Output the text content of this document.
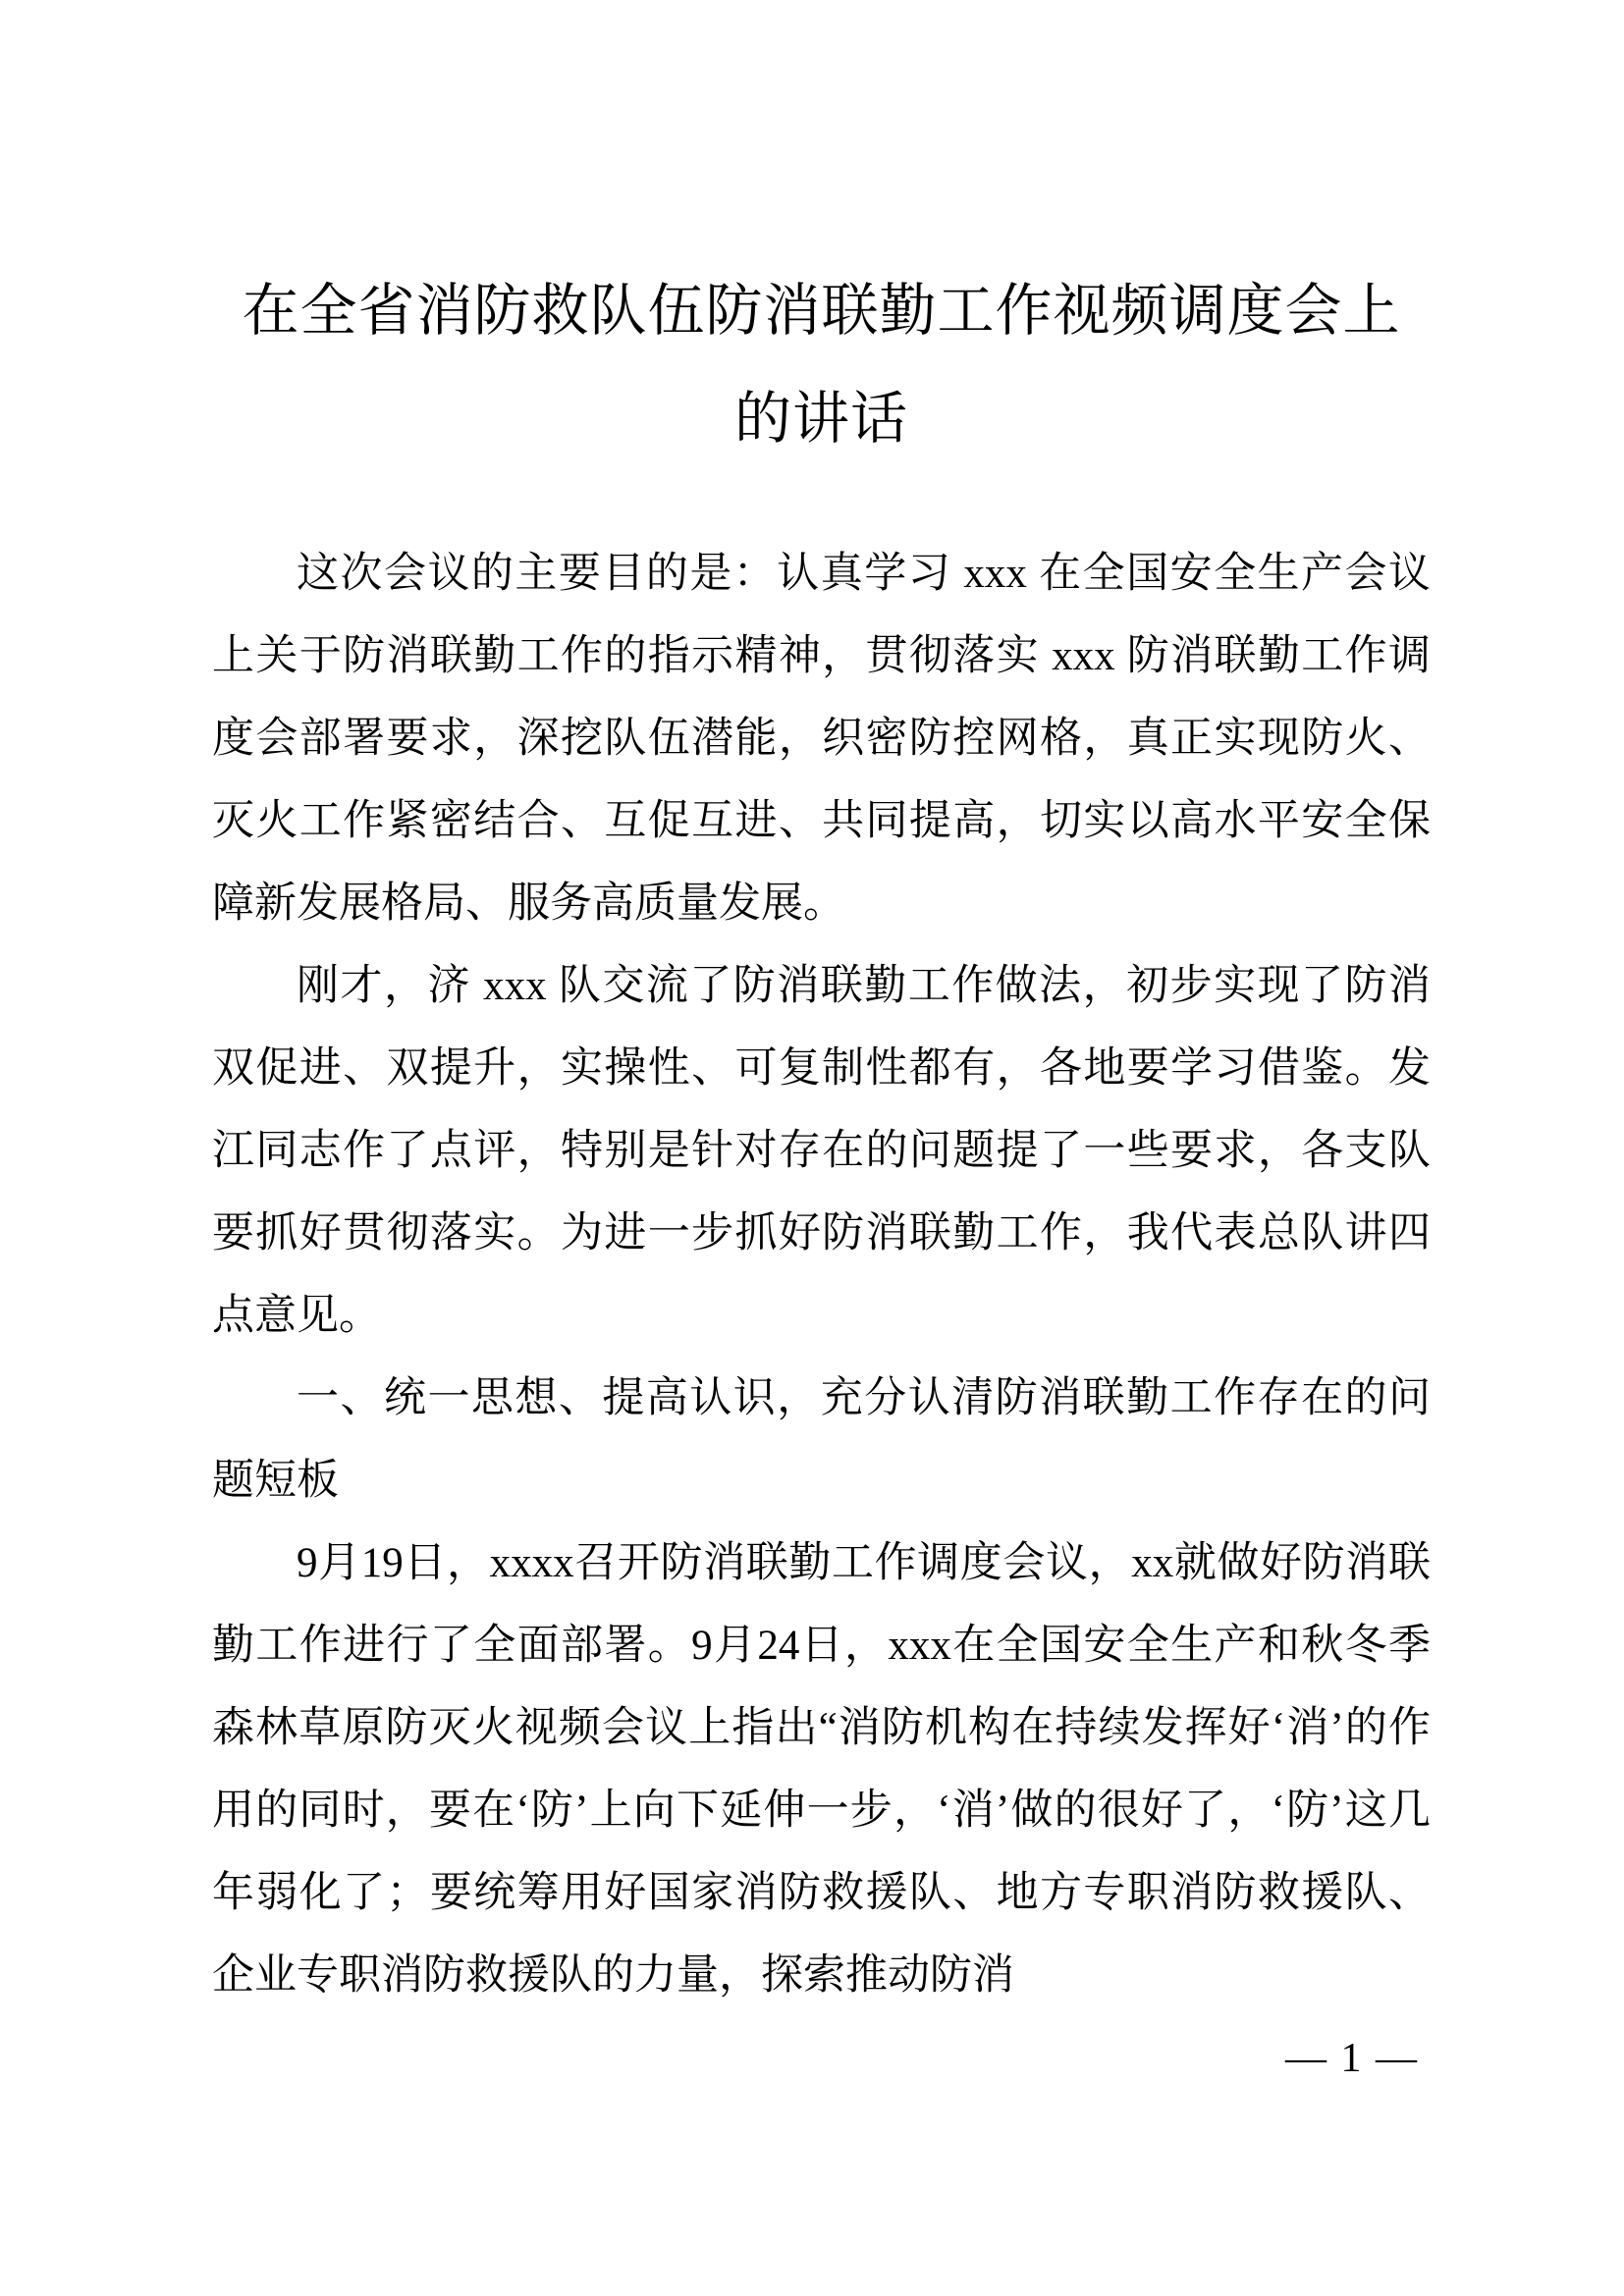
在全省消防救队伍防消联勤工作视频调度会上
的讲话

这次会议的主要目的是：认真学习 xxx 在全国安全生产会议上关于防消联勤工作的指示精神，贯彻落实 xxx 防消联勤工作调度会部署要求，深挖队伍潜能，织密防控网格，真正实现防火、灭火工作紧密结合、互促互进、共同提高，切实以高水平安全保障新发展格局、服务高质量发展。

刚才，济 xxx 队交流了防消联勤工作做法，初步实现了防消双促进、双提升，实操性、可复制性都有，各地要学习借鉴。发江同志作了点评，特别是针对存在的问题提了一些要求，各支队要抓好贯彻落实。为进一步抓好防消联勤工作，我代表总队讲四点意见。

一、统一思想、提高认识，充分认清防消联勤工作存在的问题短板

9月19日，xxxx召开防消联勤工作调度会议，xx就做好防消联勤工作进行了全面部署。9月24日，xxx在全国安全生产和秋冬季森林草原防灭火视频会议上指出“消防机构在持续发挥好‘消’的作用的同时，要在‘防’上向下延伸一步，‘消’做的很好了，‘防’这几年弱化了；要统筹用好国家消防救援队、地方专职消防救援队、企业专职消防救援队的力量，探索推动防消

— 1 —
